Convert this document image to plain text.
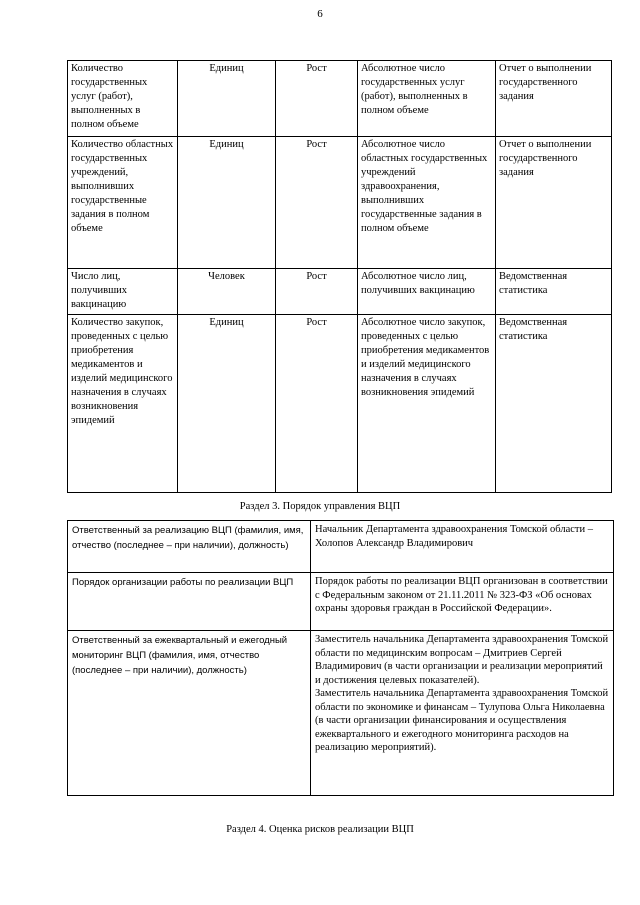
6
Количество государственных услуг (работ), выполненных в полном объеме	Единиц	Рост	Абсолютное число государственных услуг (работ), выполненных в полном объеме	Отчет о выполнении государственного задания
Количество областных государственных учреждений, выполнивших государственные задания в полном объеме	Единиц	Рост	Абсолютное число областных государственных учреждений здравоохранения, выполнивших государственные задания в полном объеме	Отчет о выполнении государственного задания
Число лиц, получивших вакцинацию	Человек	Рост	Абсолютное число лиц, получивших вакцинацию	Ведомственная статистика
Количество закупок, проведенных с целью приобретения медикаментов и изделий медицинского назначения в случаях возникновения эпидемий	Единиц	Рост	Абсолютное число закупок, проведенных с целью приобретения медикаментов и изделий медицинского назначения в случаях возникновения эпидемий	Ведомственная статистика
Раздел 3. Порядок управления ВЦП
Ответственный за реализацию ВЦП (фамилия, имя, отчество (последнее – при наличии), должность)	Начальник Департамента здравоохранения Томской области – Холопов Александр Владимирович
Порядок организации работы по реализации ВЦП	Порядок работы по реализации ВЦП организован в соответствии с Федеральным законом от 21.11.2011 № 323-ФЗ «Об основах охраны здоровья граждан в Российской Федерации».
Ответственный за ежеквартальный и ежегодный мониторинг ВЦП (фамилия, имя, отчество (последнее – при наличии), должность)	Заместитель начальника Департамента здравоохранения Томской области по медицинским вопросам – Дмитриев Сергей Владимирович (в части организации и реализации мероприятий и достижения целевых показателей).
Заместитель начальника Департамента здравоохранения Томской области по экономике и финансам – Тулупова Ольга Николаевна (в части организации финансирования и осуществления ежеквартального и ежегодного мониторинга расходов на реализацию мероприятий).
Раздел 4. Оценка рисков реализации ВЦП
